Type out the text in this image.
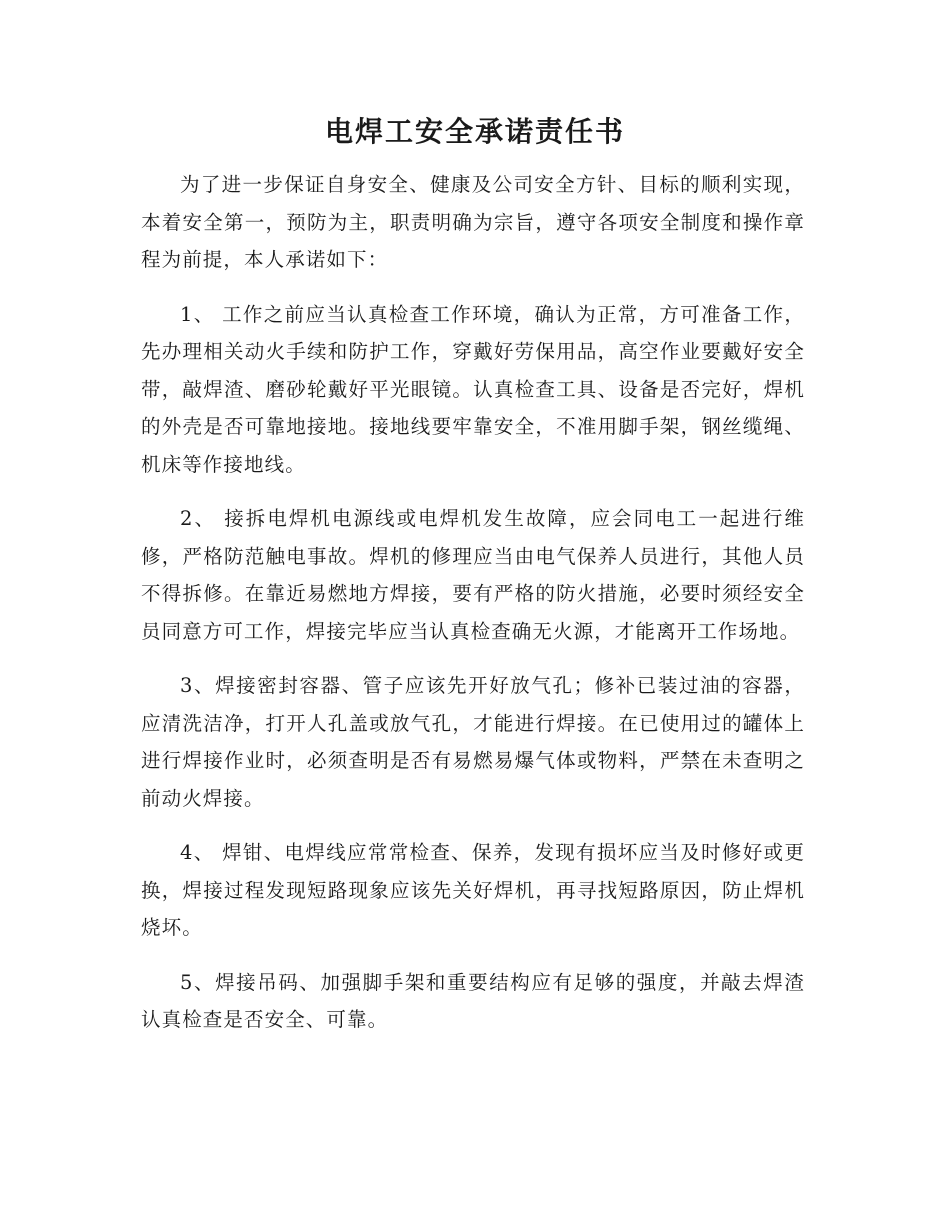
电焊工安全承诺责任书

为了进一步保证自身安全、健康及公司安全方针、目标的顺利实现，本着安全第一，预防为主，职责明确为宗旨，遵守各项安全制度和操作章程为前提，本人承诺如下：

1、 工作之前应当认真检查工作环境，确认为正常，方可准备工作，先办理相关动火手续和防护工作，穿戴好劳保用品，高空作业要戴好安全带，敲焊渣、磨砂轮戴好平光眼镜。认真检查工具、设备是否完好，焊机的外壳是否可靠地接地。接地线要牢靠安全，不准用脚手架，钢丝缆绳、机床等作接地线。

2、 接拆电焊机电源线或电焊机发生故障，应会同电工一起进行维修，严格防范触电事故。焊机的修理应当由电气保养人员进行，其他人员不得拆修。在靠近易燃地方焊接，要有严格的防火措施，必要时须经安全员同意方可工作，焊接完毕应当认真检查确无火源，才能离开工作场地。

3、焊接密封容器、管子应该先开好放气孔；修补已装过油的容器，应清洗洁净，打开人孔盖或放气孔，才能进行焊接。在已使用过的罐体上进行焊接作业时，必须查明是否有易燃易爆气体或物料，严禁在未查明之前动火焊接。

4、 焊钳、电焊线应常常检查、保养，发现有损坏应当及时修好或更换，焊接过程发现短路现象应该先关好焊机，再寻找短路原因，防止焊机烧坏。

5、焊接吊码、加强脚手架和重要结构应有足够的强度，并敲去焊渣认真检查是否安全、可靠。
